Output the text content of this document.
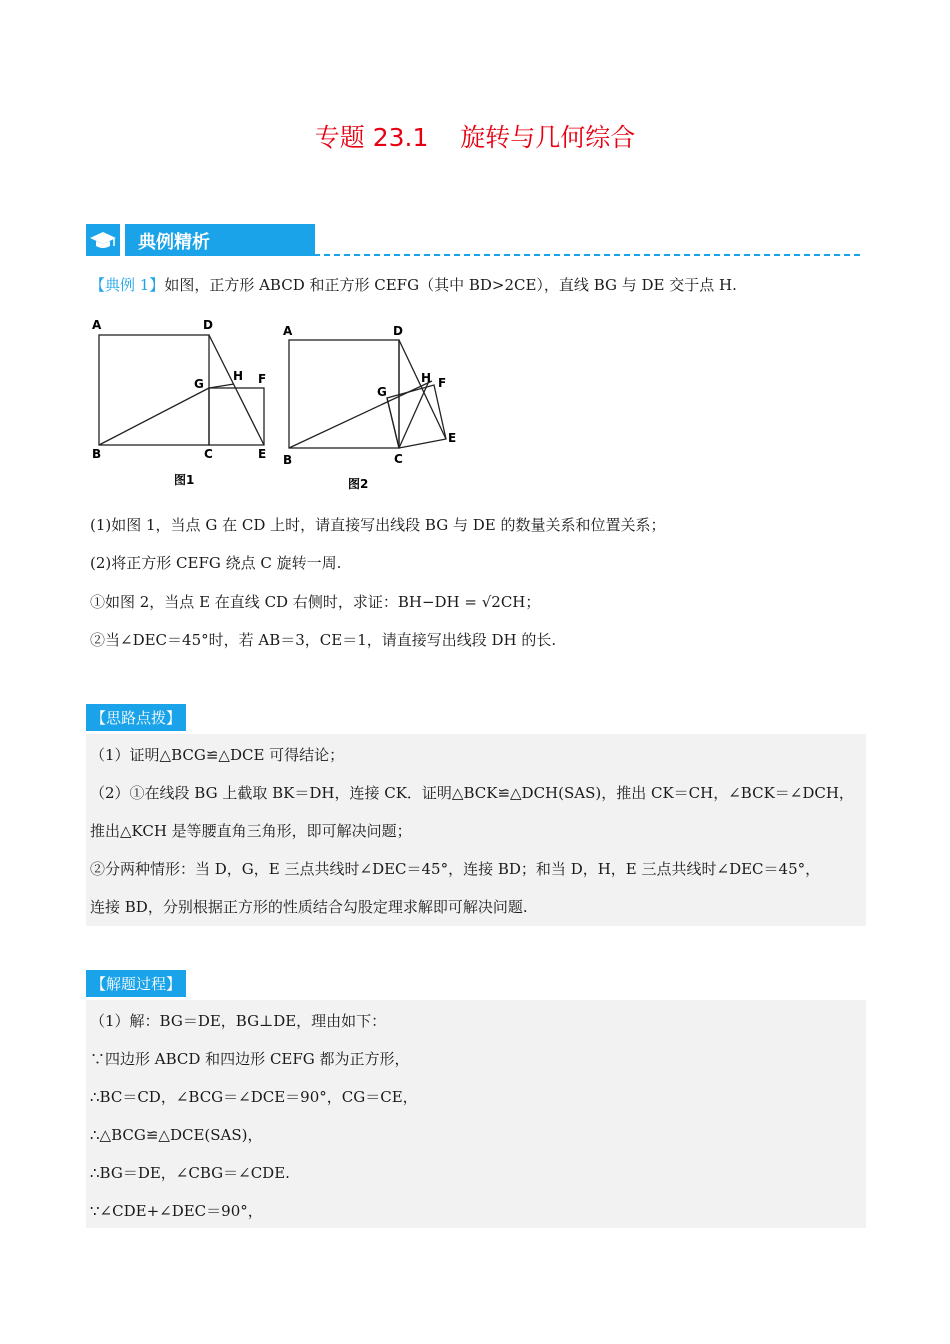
专题 23.1    旋转与几何综合
典例精析
【典例 1】如图，正方形 ABCD 和正方形 CEFG（其中 BD>2CE），直线 BG 与 DE 交于点 H.
A	D
G
H F
B	C	E
图1
A	D
G
H F
E
B	C
图2
(1)如图 1，当点 G 在 CD 上时，请直接写出线段 BG 与 DE 的数量关系和位置关系；
(2)将正方形 CEFG 绕点 C 旋转一周.
①如图 2，当点 E 在直线 CD 右侧时，求证：BH−DH = √2CH；
②当∠DEC＝45°时，若 AB＝3，CE＝1，请直接写出线段 DH 的长.
【思路点拨】
（1）证明△BCG≌△DCE 可得结论；
（2）①在线段 BG 上截取 BK＝DH，连接 CK．证明△BCK≌△DCH(SAS)，推出 CK＝CH，∠BCK＝∠DCH，
推出△KCH 是等腰直角三角形，即可解决问题；
②分两种情形：当 D，G，E 三点共线时∠DEC＝45°，连接 BD；和当 D，H，E 三点共线时∠DEC＝45°，
连接 BD，分别根据正方形的性质结合勾股定理求解即可解决问题.
【解题过程】
（1）解：BG＝DE，BG⊥DE，理由如下：
∵四边形 ABCD 和四边形 CEFG 都为正方形，
∴BC＝CD，∠BCG＝∠DCE＝90°，CG＝CE，
∴△BCG≌△DCE(SAS)，
∴BG＝DE，∠CBG＝∠CDE.
∵∠CDE+∠DEC＝90°，
